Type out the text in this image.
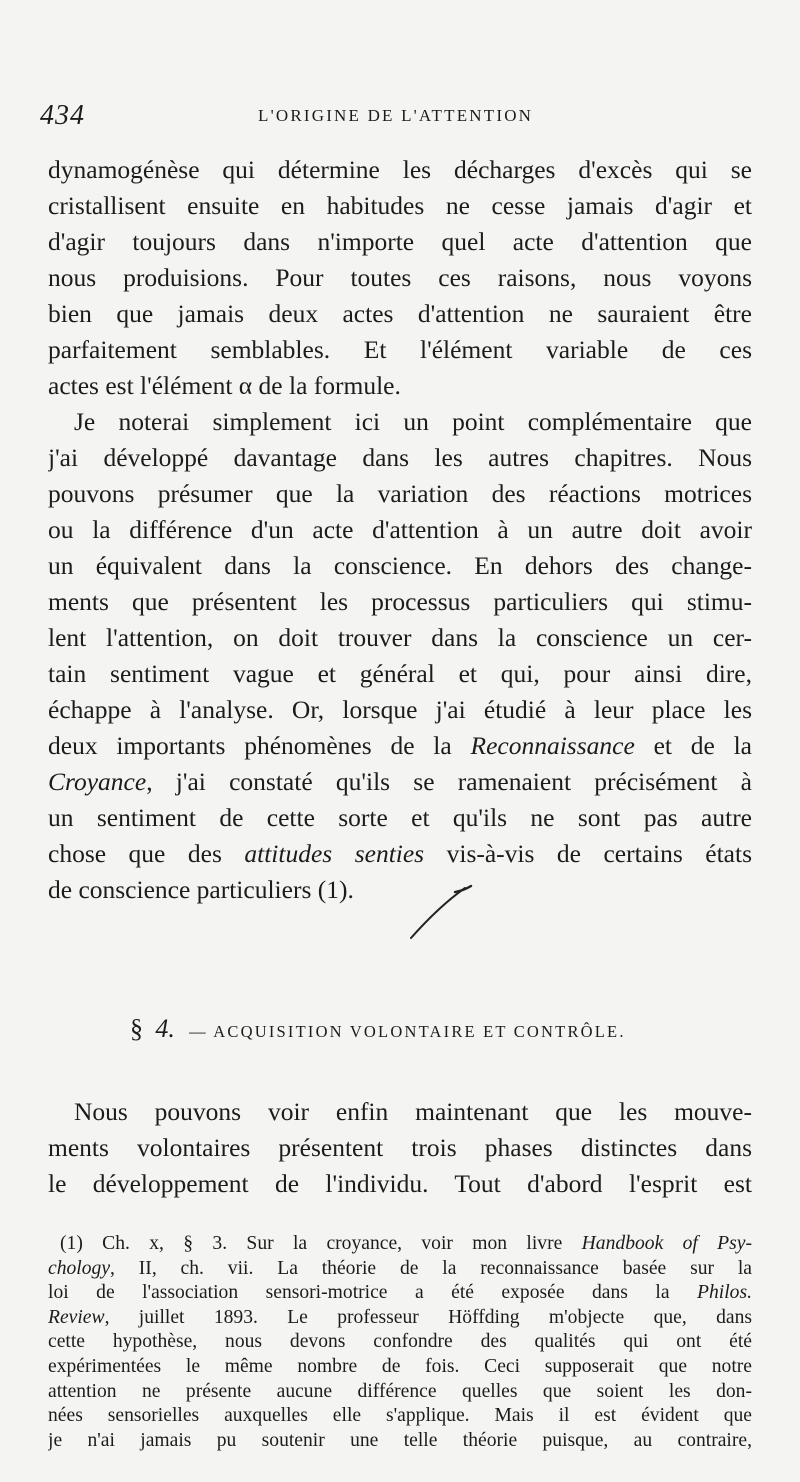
434	L'ORIGINE DE L'ATTENTION
dynamogénèse qui détermine les décharges d'excès qui se
cristallisent ensuite en habitudes ne cesse jamais d'agir et
d'agir toujours dans n'importe quel acte d'attention que
nous produisions. Pour toutes ces raisons, nous voyons
bien que jamais deux actes d'attention ne sauraient être
parfaitement semblables. Et l'élément variable de ces
actes est l'élément α de la formule.
Je noterai simplement ici un point complémentaire que
j'ai développé davantage dans les autres chapitres. Nous
pouvons présumer que la variation des réactions motrices
ou la différence d'un acte d'attention à un autre doit avoir
un équivalent dans la conscience. En dehors des change-
ments que présentent les processus particuliers qui stimu-
lent l'attention, on doit trouver dans la conscience un cer-
tain sentiment vague et général et qui, pour ainsi dire,
échappe à l'analyse. Or, lorsque j'ai étudié à leur place les
deux importants phénomènes de la Reconnaissance et de la
Croyance, j'ai constaté qu'ils se ramenaient précisément à
un sentiment de cette sorte et qu'ils ne sont pas autre
chose que des attitudes senties vis-à-vis de certains états
de conscience particuliers (1).
§ 4. — ACQUISITION VOLONTAIRE ET CONTRÔLE.
Nous pouvons voir enfin maintenant que les mouve-
ments volontaires présentent trois phases distinctes dans
le développement de l'individu. Tout d'abord l'esprit est
(1) Ch. x, § 3. Sur la croyance, voir mon livre Handbook of Psy-
chology, II, ch. vii. La théorie de la reconnaissance basée sur la
loi de l'association sensori-motrice a été exposée dans la Philos.
Review, juillet 1893. Le professeur Höffding m'objecte que, dans
cette hypothèse, nous devons confondre des qualités qui ont été
expérimentées le même nombre de fois. Ceci supposerait que notre
attention ne présente aucune différence quelles que soient les don-
nées sensorielles auxquelles elle s'applique. Mais il est évident que
je n'ai jamais pu soutenir une telle théorie puisque, au contraire,
